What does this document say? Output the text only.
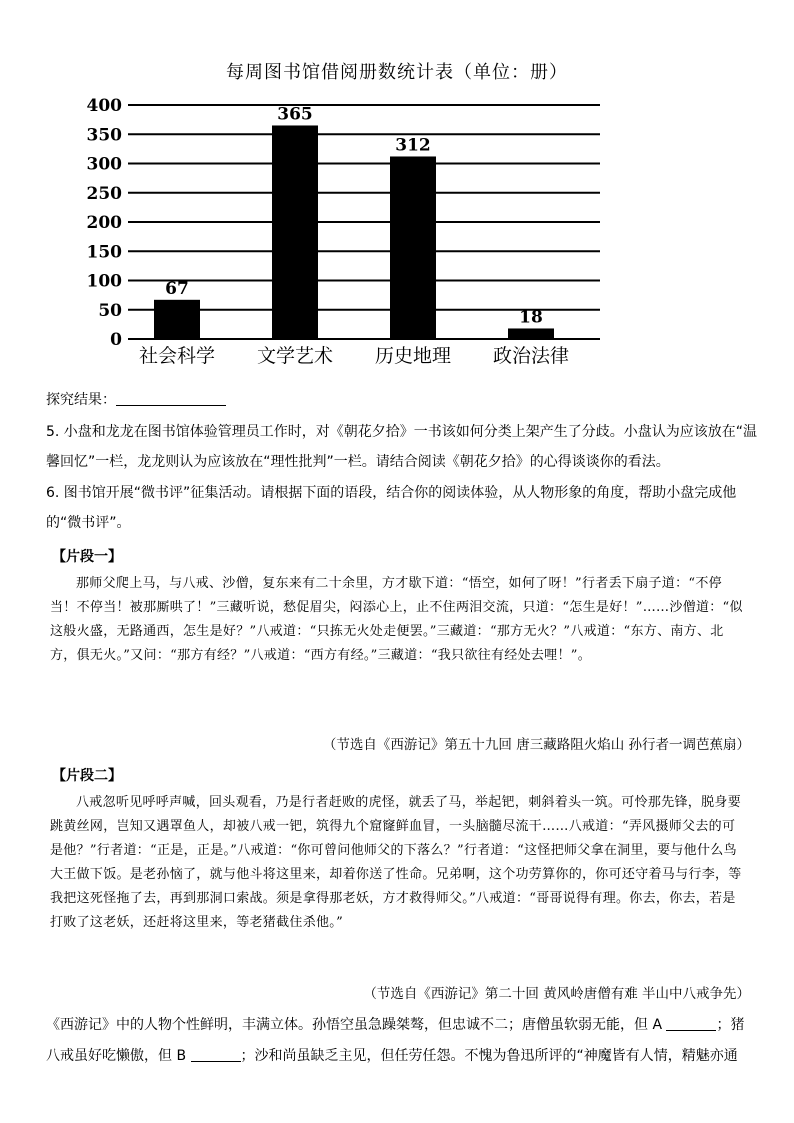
每周图书馆借阅册数统计表（单位：册）
0
50
100
150
200
250
300
350
400
67
社会科学
365
文学艺术
312
历史地理
18
政治法律
探究结果：
5. 小盘和龙龙在图书馆体验管理员工作时，对《朝花夕拾》一书该如何分类上架产生了分歧。小盘认为应该放在“温
馨回忆”一栏，龙龙则认为应该放在“理性批判”一栏。请结合阅读《朝花夕拾》的心得谈谈你的看法。
6. 图书馆开展“微书评”征集活动。请根据下面的语段，结合你的阅读体验，从人物形象的角度，帮助小盘完成他
的“微书评”。
【片段一】
那师父爬上马，与八戒、沙僧，复东来有二十余里，方才歇下道：“悟空，如何了呀！”行者丢下扇子道：“不停当！不停当！被那厮哄了！”三藏听说，愁促眉尖，闷添心上，止不住两泪交流，只道：“怎生是好！”……沙僧道：“似这般火盛，无路通西，怎生是好？”八戒道：“只拣无火处走便罢。”三藏道：“那方无火？”八戒道：“东方、南方、北方，俱无火。”又问：“那方有经？”八戒道：“西方有经。”三藏道：“我只欲往有经处去哩！”。
（节选自《西游记》第五十九回 唐三藏路阻火焰山 孙行者一调芭蕉扇）
【片段二】
八戒忽听见呼呼声喊，回头观看，乃是行者赶败的虎怪，就丢了马，举起钯，刺斜着头一筑。可怜那先锋，脱身要跳黄丝网，岂知又遇罩鱼人，却被八戒一钯，筑得九个窟窿鲜血冒，一头脑髓尽流干……八戒道：“弄风摄师父去的可是他？”行者道：“正是，正是。”八戒道：“你可曾问他师父的下落么？”行者道：“这怪把师父拿在洞里，要与他什么鸟大王做下饭。是老孙恼了，就与他斗将这里来，却着你送了性命。兄弟啊，这个功劳算你的，你可还守着马与行李，等我把这死怪拖了去，再到那洞口索战。须是拿得那老妖，方才救得师父。”八戒道：“哥哥说得有理。你去，你去，若是打败了这老妖，还赶将这里来，等老猪截住杀他。”
（节选自《西游记》第二十回 黄风岭唐僧有难 半山中八戒争先）
《西游记》中的人物个性鲜明，丰满立体。孙悟空虽急躁桀骜，但忠诚不二；唐僧虽软弱无能，但 A	；猪
八戒虽好吃懒傲，但 B	；沙和尚虽缺乏主见，但任劳任怨。不愧为鲁迅所评的“神魔皆有人情，精魅亦通
